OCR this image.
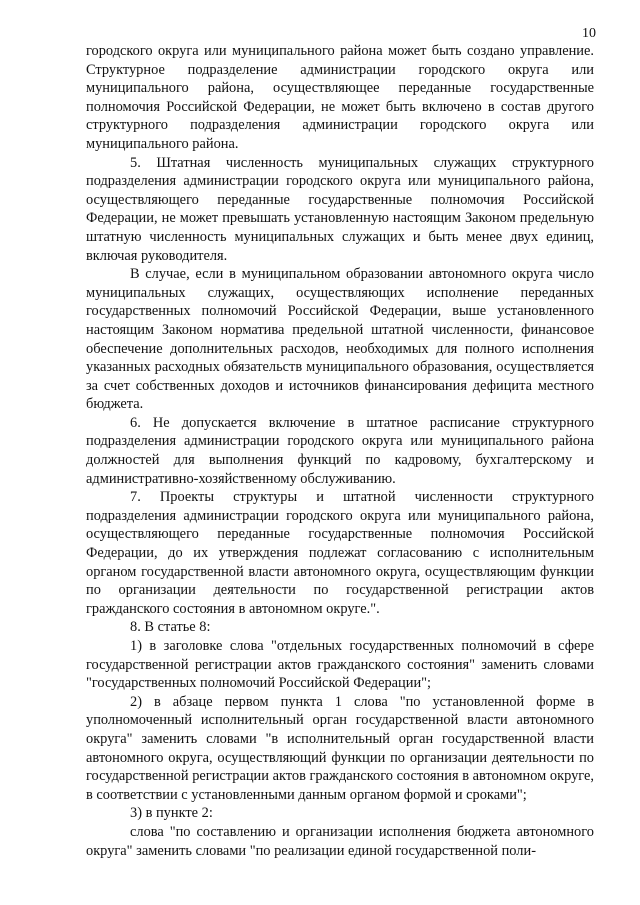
10

городского округа или муниципального района может быть создано управление. Структурное подразделение администрации городского округа или муниципального района, осуществляющее переданные государственные полномочия Российской Федерации, не может быть включено в состав другого структурного подразделения администрации городского округа или муниципального района.

5. Штатная численность муниципальных служащих структурного подразделения администрации городского округа или муниципального района, осуществляющего переданные государственные полномочия Российской Федерации, не может превышать установленную настоящим Законом предельную штатную численность муниципальных служащих и быть менее двух единиц, включая руководителя.

В случае, если в муниципальном образовании автономного округа число муниципальных служащих, осуществляющих исполнение переданных государственных полномочий Российской Федерации, выше установленного настоящим Законом норматива предельной штатной численности, финансовое обеспечение дополнительных расходов, необходимых для полного исполнения указанных расходных обязательств муниципального образования, осуществляется за счет собственных доходов и источников финансирования дефицита местного бюджета.

6. Не допускается включение в штатное расписание структурного подразделения администрации городского округа или муниципального района должностей для выполнения функций по кадровому, бухгалтерскому и административно-хозяйственному обслуживанию.

7. Проекты структуры и штатной численности структурного подразделения администрации городского округа или муниципального района, осуществляющего переданные государственные полномочия Российской Федерации, до их утверждения подлежат согласованию с исполнительным органом государственной власти автономного округа, осуществляющим функции по организации деятельности по государственной регистрации актов гражданского состояния в автономном округе.".

8. В статье 8:

1) в заголовке слова "отдельных государственных полномочий в сфере государственной регистрации актов гражданского состояния" заменить словами "государственных полномочий Российской Федерации";

2) в абзаце первом пункта 1 слова "по установленной форме в уполномоченный исполнительный орган государственной власти автономного округа" заменить словами "в исполнительный орган государственной власти автономного округа, осуществляющий функции по организации деятельности по государственной регистрации актов гражданского состояния в автономном округе, в соответствии с установленными данным органом формой и сроками";

3) в пункте 2:

слова "по составлению и организации исполнения бюджета автономного округа" заменить словами "по реализации единой государственной поли-
